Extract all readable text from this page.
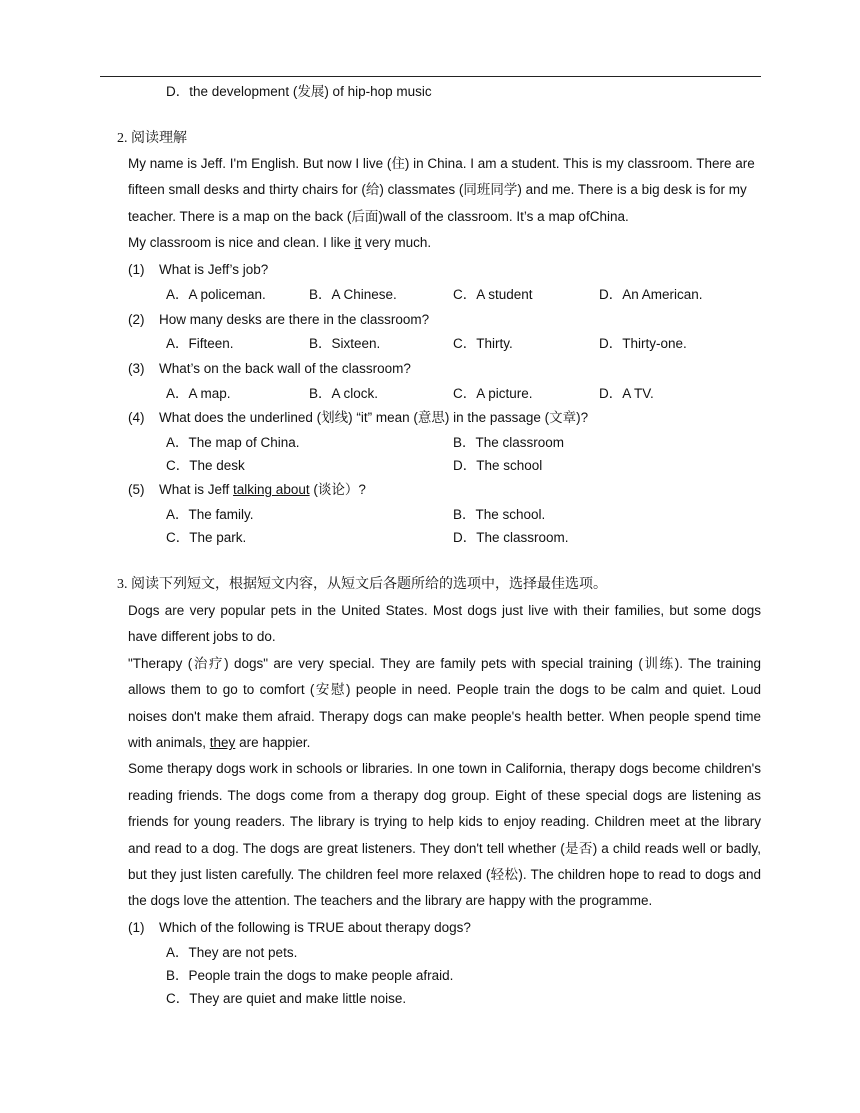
D．the development (发展) of hip-hop music
2. 阅读理解
My name is Jeff. I'm English. But now I live (住) in China. I am a student. This is my classroom. There are
fifteen small desks and thirty chairs for (给) classmates (同班同学) and me. There is a big desk is for my
teacher. There is a map on the back (后面)wall of the classroom. It’s a map ofChina.
My classroom is nice and clean. I like it very much.
(1) What is Jeff’s job?
A．A policeman.	B．A Chinese.	C．A student	D．An American.
(2) How many desks are there in the classroom?
A．Fifteen.	B．Sixteen.	C．Thirty.	D．Thirty-one.
(3) What’s on the back wall of the classroom?
A．A map.	B．A clock.	C．A picture.	D．A TV.
(4) What does the underlined (划线) “it” mean (意思) in the passage (文章)?
A．The map of China.	B．The classroom
C．The desk	D．The school
(5) What is Jeff talking about (谈论）?
A．The family.	B．The school.
C．The park.	D．The classroom.
3. 阅读下列短文，根据短文内容，从短文后各题所给的选项中，选择最佳选项。
Dogs are very popular pets in the United States. Most dogs just live with their families, but some dogs have different jobs to do.
"Therapy (治疗) dogs" are very special. They are family pets with special training (训练). The training allows them to go to comfort (安慰) people in need. People train the dogs to be calm and quiet. Loud noises don't make them afraid. Therapy dogs can make people's health better. When people spend time with animals, they are happier.
Some therapy dogs work in schools or libraries. In one town in California, therapy dogs become children's reading friends. The dogs come from a therapy dog group. Eight of these special dogs are listening as friends for young readers. The library is trying to help kids to enjoy reading. Children meet at the library and read to a dog. The dogs are great listeners. They don't tell whether (是否) a child reads well or badly, but they just listen carefully. The children feel more relaxed (轻松). The children hope to read to dogs and the dogs love the attention. The teachers and the library are happy with the programme.
(1) Which of the following is TRUE about therapy dogs?
A．They are not pets.
B．People train the dogs to make people afraid.
C．They are quiet and make little noise.
